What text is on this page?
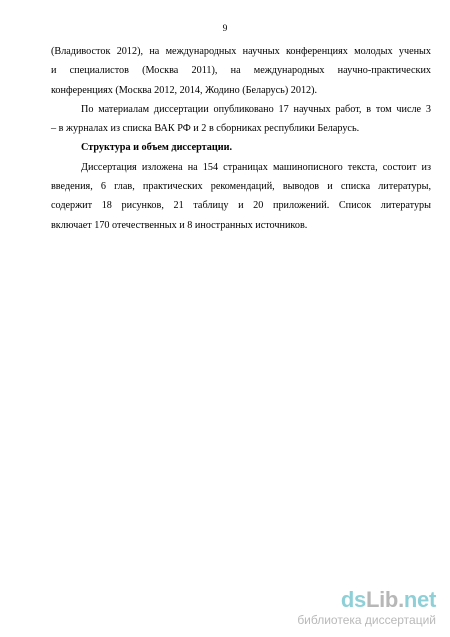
9
(Владивосток 2012), на международных научных конференциях молодых ученых
и специалистов (Москва 2011), на международных научно-практических
конференциях (Москва 2012, 2014, Жодино (Беларусь) 2012).
По материалам диссертации опубликовано 17 научных работ, в том числе 3
– в журналах из списка ВАК РФ и 2 в сборниках республики Беларусь.
Структура и объем диссертации.
Диссертация изложена на 154 страницах машинописного текста, состоит из
введения, 6 глав, практических рекомендаций, выводов и списка литературы,
содержит 18 рисунков, 21 таблицу и 20 приложений. Список литературы
включает 170 отечественных и 8 иностранных источников.
dsLib.net
библиотека диссертаций
